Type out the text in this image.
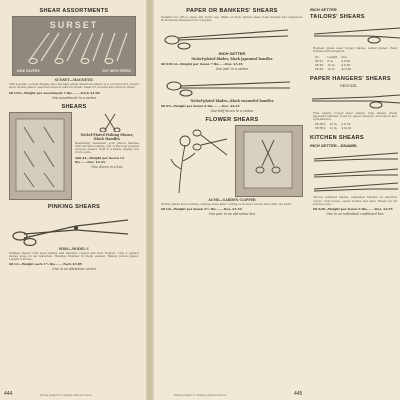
SHEAR ASSORTMENTS
SURSET
KINE SAVERS	CUT WITH SPEED
SUNSET—MAGNETIC
This popular counter-display has real high-grade shears mounted on a colorful card, forged steel, nickel plated, assorted sizes in lustrous finish. Ideal for counter and window trade.
68 G55—Weight per assortment 3 lbs.........Each $3.98
One assortment to a carton
SHEARS
Nickel-Plated Fishing Shears, Black Handles
Beautifully enameled gold plated handles with serrated blades; one of the best general purpose shears. Sold in a handy display box of six pairs.
$68 44—Weight per dozen 12 lbs.......Doz. $2.45
One dozen in a box
PINKING SHEARS
WISS—MODEL C
Pinking shears with steel blades and handles, forged and heat treated. Cuts a perfect zigzag edge on all materials. Handles finished in black enamel. Blades nickel plated. Length 9 inches.
68 G1—Weight each 1½ lbs........Each $3.89
One in an attractive carton
Prices subject to change without notice
444
PAPER OR BANKERS' SHEARS
Suitable for office, bank and home use. Made of high carbon steel, heat treated and tempered. Both blades sharpened for long life.
RICH SETTER
Nickel-plated blades, black japanned handles
68 K5L12—Weight per dozen 7 lbs......Doz. $3.45
One pair in a carton
Nickel-plated blades—black enameled handles
68 K5—Weight per dozen 8 lbs.........Doz. $4.25
One-half dozen in a carton
FLOWER SHEARS
ACME—GARDEN CLIPPER
Nickel plated steel cutting. Clamps stem after cutting so flowers can be held with one hand.
68 G6—Weight per dozen 6½ lbs........Doz. $3.50
One pair in an attractive box
RICH SETTER
TAILORS' SHEARS
Highest grade steel forged blades, nickel plated. Heat treated and tempered.
No.	Length	Doz.
68 K1	8 in.	$ 6.20
68 K2	10 in.	$ 9.00
68 K3	12 in.	$13.80
PAPER HANGERS' SHEARS
HENCKEL
Fine quality forged steel shears, long blades, black japanned handles. Used by paper hangers, decorators and upholsterers.
68 H10	10 in.	$ 8.50
68 H12	12 in.	$10.20
KITCHEN SHEARS
RICH SETTER—ENAMEL
Strong serrated blades, enameled handles in assorted colors. Cuts bones, opens bottles and cans. Handy for all kitchen uses.
68 K20—Weight per dozen 6 lbs........Doz. $3.95
One in an individual cardboard box
Prices subject to change without notice	445
